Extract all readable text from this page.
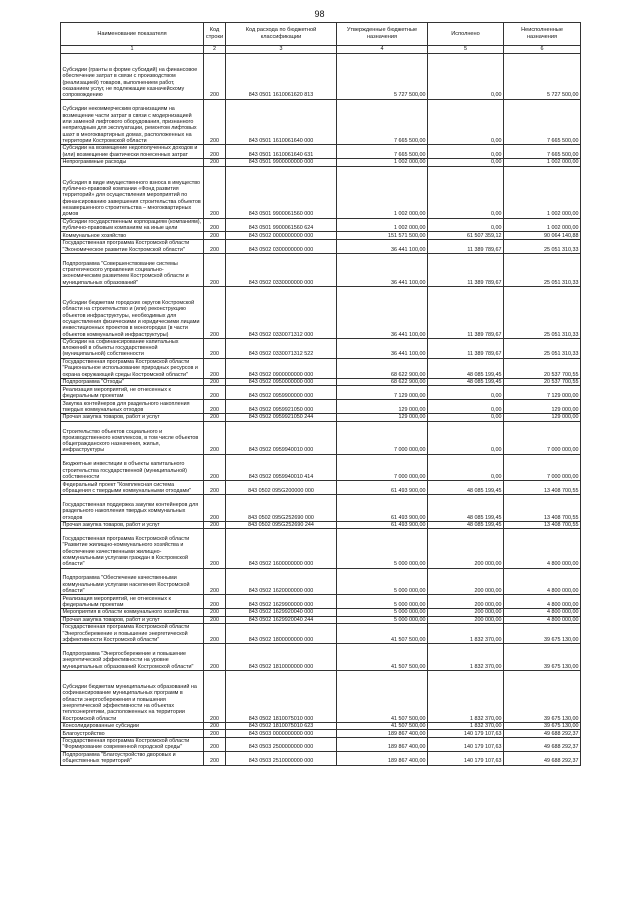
98
Наименование показателя	Код строки	Код расхода по бюджетной классификации	Утвержденные бюджетные назначения	Исполнено	Неисполненные назначения
1	2	3	4	5	6
Субсидии (гранты в форме субсидий) на финансовое обеспечение затрат в связи с производством (реализацией) товаров, выполнением работ, оказанием услуг, не подлежащие казначейскому сопровождению	200	843 0501 1610061620 813	5 727 500,00	0,00	5 727 500,00
Субсидии некоммерческим организациям на возмещение части затрат в связи с модернизацией или заменой лифтового оборудования, признанного непригодным для эксплуатации, ремонтом лифтовых шахт в многоквартирных домах, расположенных на территории Костромской области	200	843 0501 1610061640 000	7 665 500,00	0,00	7 665 500,00
Субсидии на возмещение недополученных доходов и (или) возмещение фактически понесенных затрат	200	843 0501 1610061640 631	7 665 500,00	0,00	7 665 500,00
Непрограммные расходы	200	843 0501 9900000000 000	1 002 000,00	0,00	1 002 000,00
Субсидия в виде имущественного взноса в имущество публично-правовой компании «Фонд развития территорий» для осуществления мероприятий по финансированию завершения строительства объектов незавершенного строительства – многоквартирных домов	200	843 0501 9900061560 000	1 002 000,00	0,00	1 002 000,00
Субсидии государственным корпорациям (компаниям), публично-правовым компаниям на иные цели	200	843 0501 9900061560 624	1 002 000,00	0,00	1 002 000,00
Коммунальное хозяйство	200	843 0502 0000000000 000	151 571 500,00	61 507 359,12	90 064 140,88
Государственная программа Костромской области "Экономическое развитие Костромской области"	200	843 0502 0300000000 000	36 441 100,00	11 389 789,67	25 051 310,33
Подпрограмма "Совершенствование системы стратегического управления социально-экономическим развитием Костромской области и муниципальных образований"	200	843 0502 0330000000 000	36 441 100,00	11 389 789,67	25 051 310,33
Субсидии бюджетам городских округов Костромской области на строительство и (или) реконструкцию объектов инфраструктуры, необходимых для осуществления физическими и юридическими лицами инвестиционных проектов в моногородах (в части объектов коммунальной инфраструктуры)	200	843 0502 0330071312 000	36 441 100,00	11 389 789,67	25 051 310,33
Субсидии на софинансирование капитальных вложений в объекты государственной (муниципальной) собственности	200	843 0502 0330071312 522	36 441 100,00	11 389 789,67	25 051 310,33
Государственная программа Костромской области "Рациональное использование природных ресурсов и охрана окружающей среды Костромской области"	200	843 0502 0900000000 000	68 622 900,00	48 085 199,45	20 537 700,55
Подпрограмма "Отходы"	200	843 0502 0950000000 000	68 622 900,00	48 085 199,45	20 537 700,55
Реализация мероприятий, не отнесенных к федеральным проектам	200	843 0502 0959900000 000	7 129 000,00	0,00	7 129 000,00
Закупка контейнеров для раздельного накопления твердых коммунальных отходов	200	843 0502 0959921050 000	129 000,00	0,00	129 000,00
Прочая закупка товаров, работ и услуг	200	843 0502 0959921050 244	129 000,00	0,00	129 000,00
Строительство объектов социального и производственного комплексов, в том числе объектов общегражданского назначения, жилья, инфраструктуры	200	843 0502 0959940010 000	7 000 000,00	0,00	7 000 000,00
Бюджетные инвестиции в объекты капитального строительства государственной (муниципальной) собственности	200	843 0502 0959940010 414	7 000 000,00	0,00	7 000 000,00
Федеральный проект "Комплексная система обращения с твердыми коммунальными отходами"	200	843 0502 095G200000 000	61 493 900,00	48 085 199,45	13 408 700,55
Государственная поддержка закупки контейнеров для раздельного накопления твердых коммунальных отходов	200	843 0502 095G252690 000	61 493 900,00	48 085 199,45	13 408 700,55
Прочая закупка товаров, работ и услуг	200	843 0502 095G252690 244	61 493 900,00	48 085 199,45	13 408 700,55
Государственная программа Костромской области "Развитие жилищно-коммунального хозяйства и обеспечение качественными жилищно-коммунальными услугами граждан в Костромской области"	200	843 0502 1600000000 000	5 000 000,00	200 000,00	4 800 000,00
Подпрограмма "Обеспечение качественными коммунальными услугами населения Костромской области"	200	843 0502 1620000000 000	5 000 000,00	200 000,00	4 800 000,00
Реализация мероприятий, не отнесенных к федеральным проектам	200	843 0502 1629900000 000	5 000 000,00	200 000,00	4 800 000,00
Мероприятия в области коммунального хозяйства	200	843 0502 1629920040 000	5 000 000,00	200 000,00	4 800 000,00
Прочая закупка товаров, работ и услуг	200	843 0502 1629920040 244	5 000 000,00	200 000,00	4 800 000,00
Государственная программа Костромской области "Энергосбережение и повышение энергетической эффективности Костромской области"	200	843 0502 1800000000 000	41 507 500,00	1 832 370,00	39 675 130,00
Подпрограмма "Энергосбережение и повышение энергетической эффективности на уровне муниципальных образований Костромской области"	200	843 0502 1810000000 000	41 507 500,00	1 832 370,00	39 675 130,00
Субсидии бюджетам муниципальных образований на софинансирование муниципальных программ в области энергосбережения и повышения энергетической эффективности на объектах теплоэнергетики, расположенных на территории Костромской области	200	843 0502 1810075010 000	41 507 500,00	1 832 370,00	39 675 130,00
Консолидированные субсидии	200	843 0502 1810075010 623	41 507 500,00	1 832 370,00	39 675 130,00
Благоустройство	200	843 0503 0000000000 000	189 867 400,00	140 179 107,63	49 688 292,37
Государственная программа Костромской области "Формирование современной городской среды"	200	843 0503 2500000000 000	189 867 400,00	140 179 107,63	49 688 292,37
Подпрограмма "Благоустройство дворовых и общественных территорий"	200	843 0503 2510000000 000	189 867 400,00	140 179 107,63	49 688 292,37
